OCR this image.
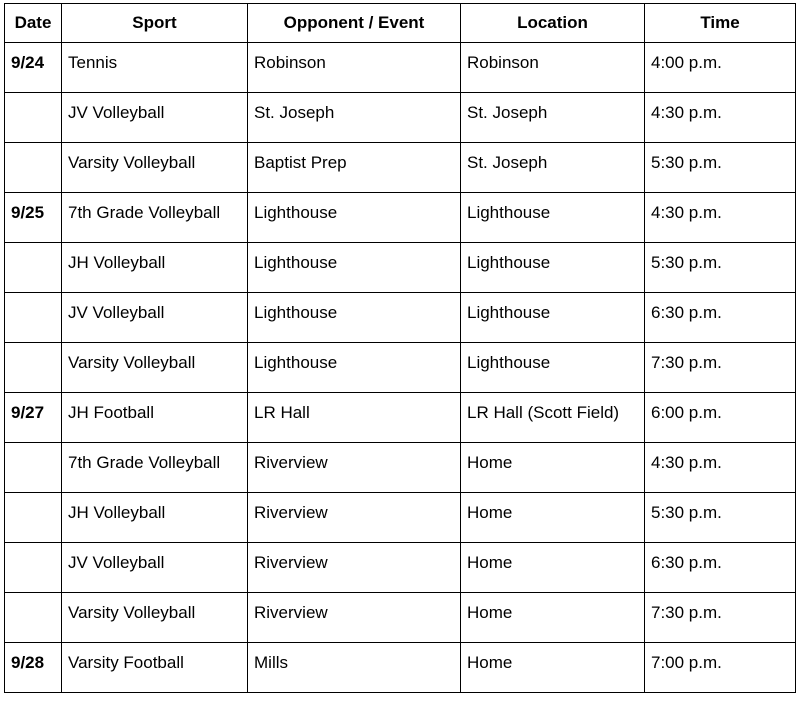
Date	Sport	Opponent / Event	Location	Time
9/24	Tennis	Robinson	Robinson	4:00 p.m.
	JV Volleyball	St. Joseph	St. Joseph	4:30 p.m.
	Varsity Volleyball	Baptist Prep	St. Joseph	5:30 p.m.
9/25	7th Grade Volleyball	Lighthouse	Lighthouse	4:30 p.m.
	JH Volleyball	Lighthouse	Lighthouse	5:30 p.m.
	JV Volleyball	Lighthouse	Lighthouse	6:30 p.m.
	Varsity Volleyball	Lighthouse	Lighthouse	7:30 p.m.
9/27	JH Football	LR Hall	LR Hall (Scott Field)	6:00 p.m.
	7th Grade Volleyball	Riverview	Home	4:30 p.m.
	JH Volleyball	Riverview	Home	5:30 p.m.
	JV Volleyball	Riverview	Home	6:30 p.m.
	Varsity Volleyball	Riverview	Home	7:30 p.m.
9/28	Varsity Football	Mills	Home	7:00 p.m.
